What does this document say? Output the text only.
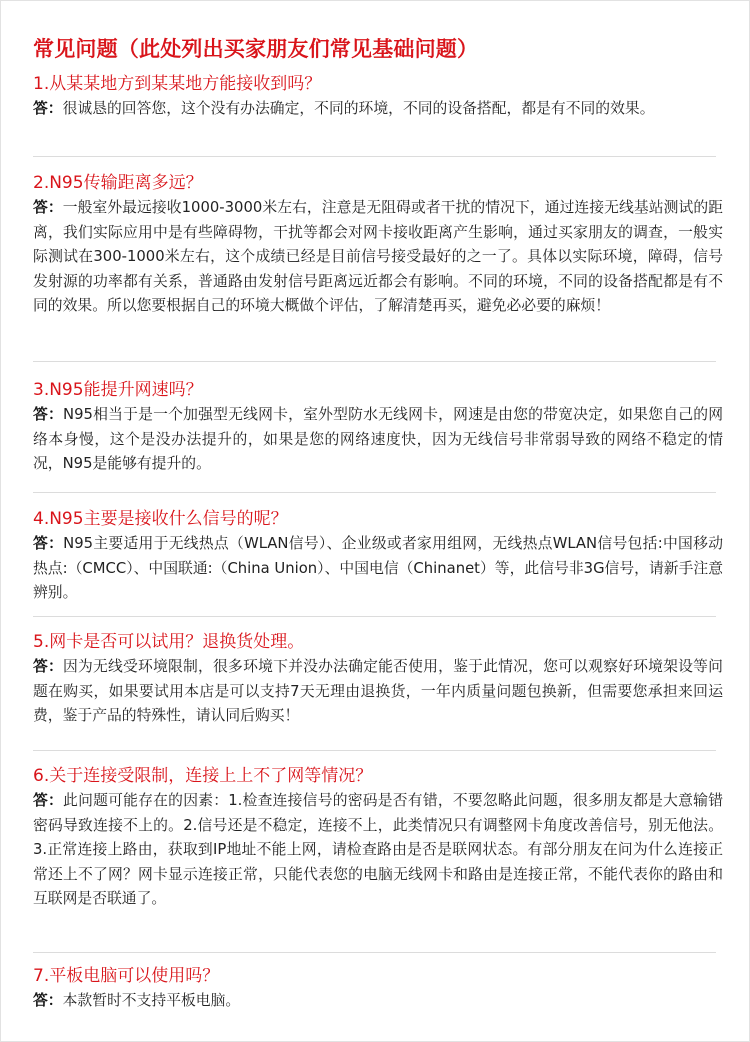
常见问题（此处列出买家朋友们常见基础问题）
1.从某某地方到某某地方能接收到吗？
答：很诚恳的回答您，这个没有办法确定，不同的环境，不同的设备搭配，都是有不同的效果。
2.N95传输距离多远？
答：一般室外最远接收1000-3000米左右，注意是无阻碍或者干扰的情况下，通过连接无线基站测试的距离，我们实际应用中是有些障碍物，干扰等都会对网卡接收距离产生影响，通过买家朋友的调查，一般实际测试在300-1000米左右，这个成绩已经是目前信号接受最好的之一了。具体以实际环境，障碍，信号发射源的功率都有关系，普通路由发射信号距离远近都会有影响。不同的环境，不同的设备搭配都是有不同的效果。所以您要根据自己的环境大概做个评估，了解清楚再买，避免必必要的麻烦！
3.N95能提升网速吗？
答：N95相当于是一个加强型无线网卡，室外型防水无线网卡，网速是由您的带宽决定，如果您自己的网络本身慢，这个是没办法提升的，如果是您的网络速度快，因为无线信号非常弱导致的网络不稳定的情况，N95是能够有提升的。
4.N95主要是接收什么信号的呢？
答：N95主要适用于无线热点（WLAN信号）、企业级或者家用组网，无线热点WLAN信号包括:中国移动热点:（CMCC）、中国联通:（China Union）、中国电信（Chinanet）等，此信号非3G信号，请新手注意辨别。
5.网卡是否可以试用？退换货处理。
答：因为无线受环境限制，很多环境下并没办法确定能否使用，鉴于此情况，您可以观察好环境架设等问题在购买，如果要试用本店是可以支持7天无理由退换货，一年内质量问题包换新，但需要您承担来回运费，鉴于产品的特殊性，请认同后购买！
6.关于连接受限制，连接上上不了网等情况？
答：此问题可能存在的因素：1.检查连接信号的密码是否有错，不要忽略此问题，很多朋友都是大意输错密码导致连接不上的。2.信号还是不稳定，连接不上，此类情况只有调整网卡角度改善信号，别无他法。3.正常连接上路由，获取到IP地址不能上网，请检查路由是否是联网状态。有部分朋友在问为什么连接正常还上不了网？网卡显示连接正常，只能代表您的电脑无线网卡和路由是连接正常，不能代表你的路由和互联网是否联通了。
7.平板电脑可以使用吗？
答：本款暂时不支持平板电脑。
